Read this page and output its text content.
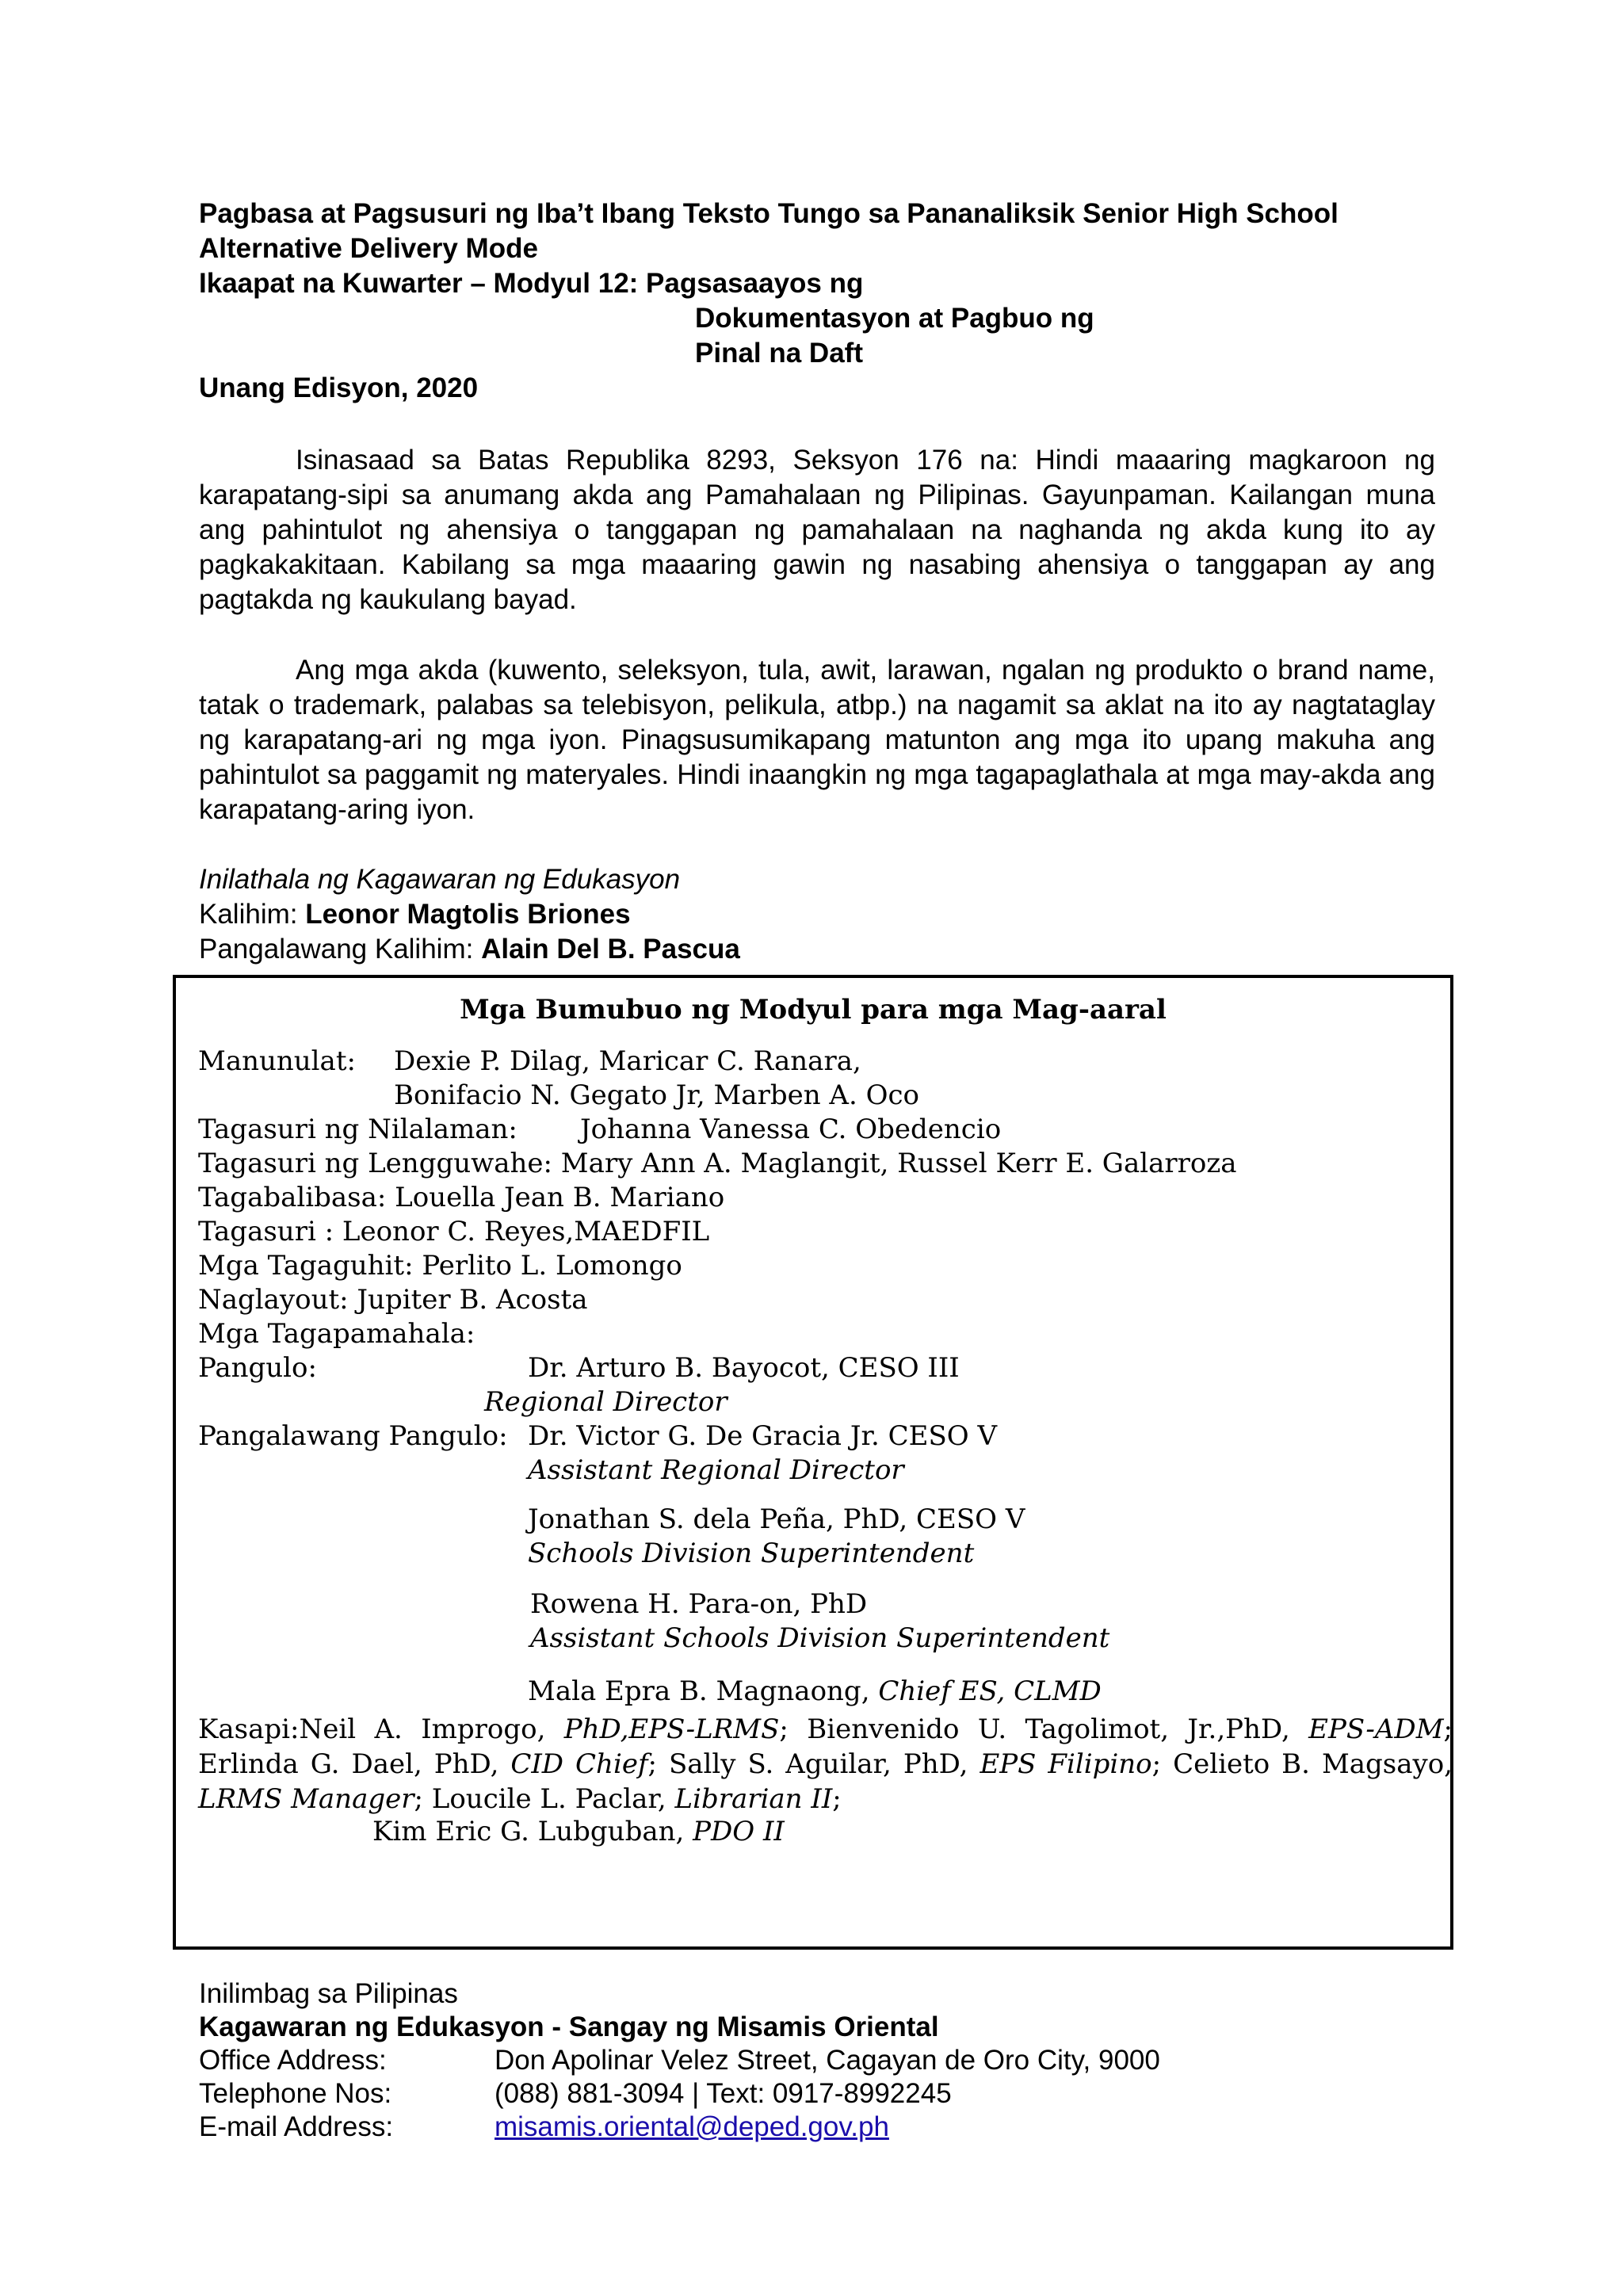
Pagbasa at Pagsusuri ng Iba’t Ibang Teksto Tungo sa Pananaliksik Senior High School
Alternative Delivery Mode
Ikaapat na Kuwarter – Modyul 12: Pagsasaayos ng
Dokumentasyon at Pagbuo ng
Pinal na Daft
Unang Edisyon, 2020
Isinasaad sa Batas Republika 8293, Seksyon 176 na: Hindi maaaring magkaroon ng karapatang-sipi sa anumang akda ang Pamahalaan ng Pilipinas. Gayunpaman. Kailangan muna ang pahintulot ng ahensiya o tanggapan ng pamahalaan na naghanda ng akda kung ito ay pagkakakitaan. Kabilang sa mga maaaring gawin ng nasabing ahensiya o tanggapan ay ang pagtakda ng kaukulang bayad.
Ang mga akda (kuwento, seleksyon, tula, awit, larawan, ngalan ng produkto o brand name, tatak o trademark, palabas sa telebisyon, pelikula, atbp.) na nagamit sa aklat na ito ay nagtataglay ng karapatang-ari ng mga iyon. Pinagsusumikapang matunton ang mga ito upang makuha ang pahintulot sa paggamit ng materyales. Hindi inaangkin ng mga tagapaglathala at mga may-akda ang karapatang-aring iyon.
Inilathala ng Kagawaran ng Edukasyon
Kalihim: Leonor Magtolis Briones
Pangalawang Kalihim: Alain Del B. Pascua
Mga Bumubuo ng Modyul para mga Mag-aaral
Manunulat: Dexie P. Dilag, Maricar C. Ranara,
Bonifacio N. Gegato Jr, Marben A. Oco
Tagasuri ng Nilalaman: Johanna Vanessa C. Obedencio
Tagasuri ng Lengguwahe: Mary Ann A. Maglangit, Russel Kerr E. Galarroza
Tagabalibasa: Louella Jean B. Mariano
Tagasuri : Leonor C. Reyes,MAEDFIL
Mga Tagaguhit: Perlito L. Lomongo
Naglayout: Jupiter B. Acosta
Mga Tagapamahala:
Pangulo:	Dr. Arturo B. Bayocot, CESO III
Regional Director
Pangalawang Pangulo: Dr. Victor G. De Gracia Jr. CESO V
Assistant Regional Director
Jonathan S. dela Peña, PhD, CESO V
Schools Division Superintendent
Rowena H. Para-on, PhD
Assistant Schools Division Superintendent
Mala Epra B. Magnaong, Chief ES, CLMD
Kasapi:Neil A. Improgo, PhD,EPS-LRMS; Bienvenido U. Tagolimot, Jr.,PhD, EPS-ADM; Erlinda G. Dael, PhD, CID Chief; Sally S. Aguilar, PhD, EPS Filipino; Celieto B. Magsayo, LRMS Manager; Loucile L. Paclar, Librarian II;
Kim Eric G. Lubguban, PDO II
Inilimbag sa Pilipinas
Kagawaran ng Edukasyon - Sangay ng Misamis Oriental
Office Address:	Don Apolinar Velez Street, Cagayan de Oro City, 9000
Telephone Nos:	(088) 881-3094 | Text: 0917-8992245
E-mail Address:	misamis.oriental@deped.gov.ph
